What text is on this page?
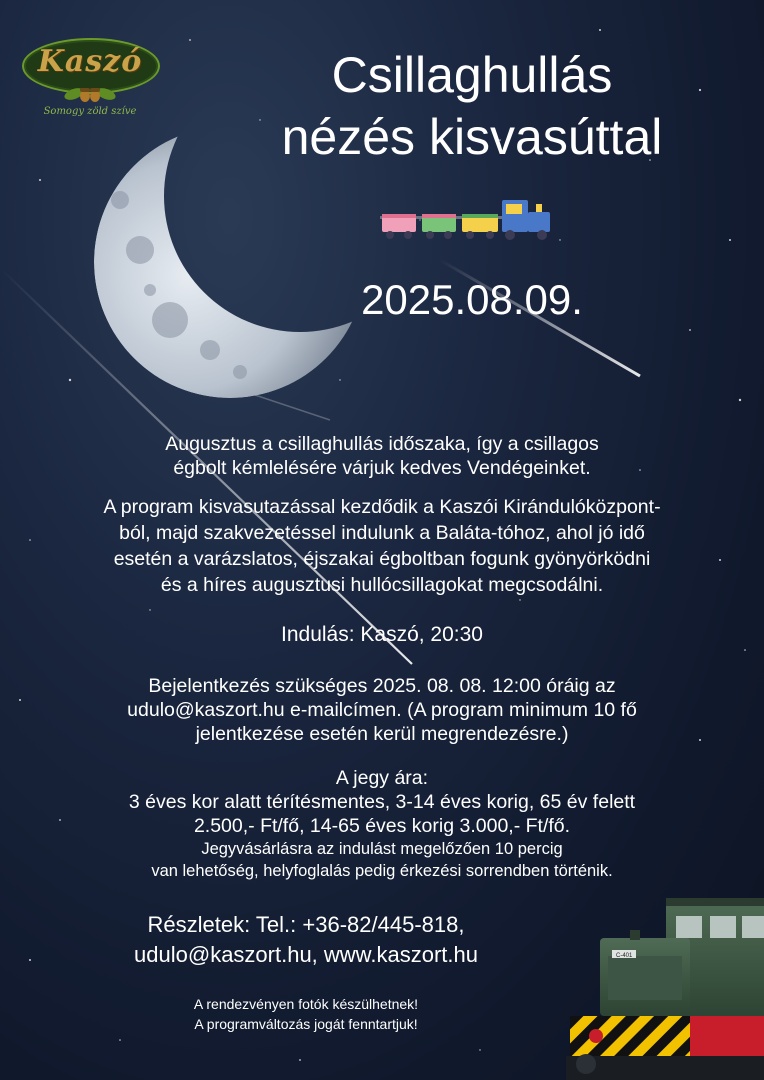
Kaszó
Somogy zöld szíve
Csillaghullás
nézés kisvasúttal
2025.08.09.
Augusztus a csillaghullás időszaka, így a csillagos
égbolt kémlelésére várjuk kedves Vendégeinket.
A program kisvasutazással kezdődik a Kaszói Kirándulóközpont-
ból, majd szakvezetéssel indulunk a Baláta-tóhoz, ahol jó idő
esetén a varázslatos, éjszakai égboltban fogunk gyönyörködni
és a híres augusztusi hullócsillagokat megcsodálni.
Indulás: Kaszó, 20:30
Bejelentkezés szükséges 2025. 08. 08. 12:00 óráig az
udulo@kaszort.hu e-mailcímen. (A program minimum 10 fő
jelentkezése esetén kerül megrendezésre.)
A jegy ára:
3 éves kor alatt térítésmentes, 3-14 éves korig, 65 év felett
2.500,- Ft/fő, 14-65 éves korig 3.000,- Ft/fő.
Jegyvásárlásra az indulást megelőzően 10 percig
van lehetőség, helyfoglalás pedig érkezési sorrendben történik.
Részletek: Tel.: +36-82/445-818,
udulo@kaszort.hu, www.kaszort.hu
A rendezvényen fotók készülhetnek!
A programváltozás jogát fenntartjuk!
C-401
